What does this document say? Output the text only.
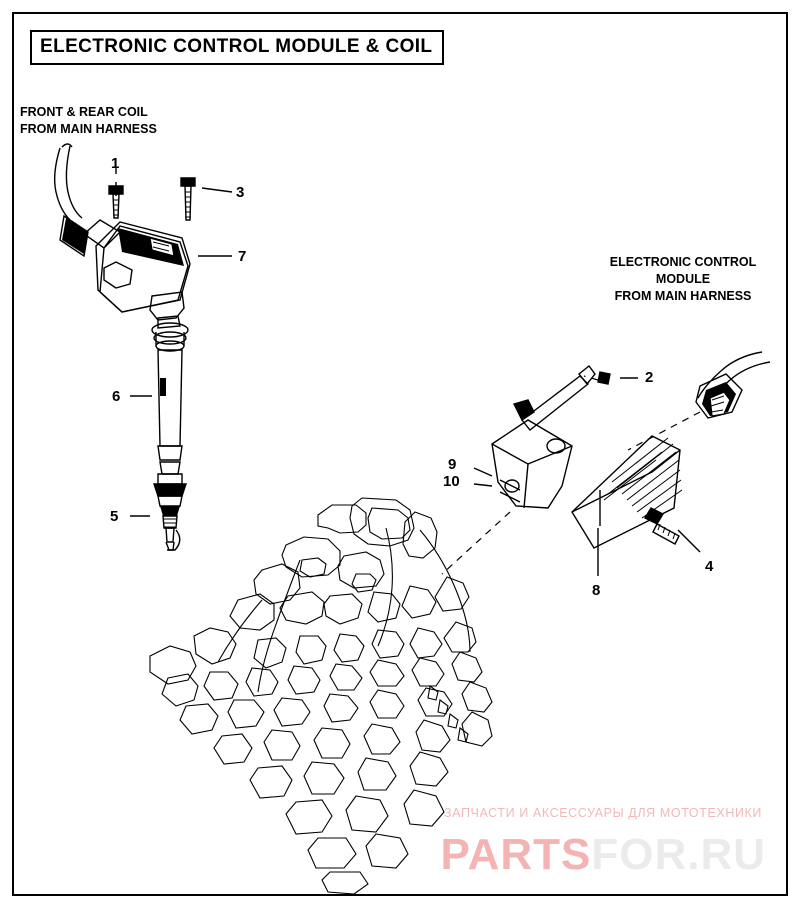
ELECTRONIC CONTROL MODULE & COIL
FRONT & REAR COIL
FROM MAIN HARNESS
ELECTRONIC CONTROL
MODULE
FROM MAIN HARNESS
1
2
3
4
5
6
7
8
9
10
ЗАПЧАСТИ И АКСЕССУАРЫ ДЛЯ МОТОТЕХНИКИ
PARTSFOR.RU
